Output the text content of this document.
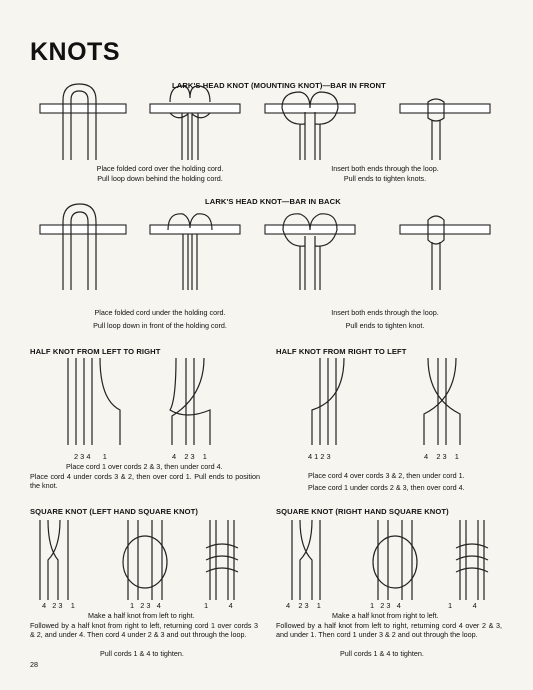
KNOTS
LARK'S HEAD KNOT (MOUNTING KNOT)—BAR IN FRONT
Place folded cord over the holding cord.
Pull loop down behind the holding cord.
Insert both ends through the loop.
Pull ends to tighten knots.
LARK'S HEAD KNOT—BAR IN BACK
Place folded cord under the holding cord.
Pull loop down in front of the holding cord.
Insert both ends through the loop.
Pull ends to tighten knot.
HALF KNOT FROM LEFT TO RIGHT
2 3 4      1	4    2 3    1
Place cord 1 over cords 2 & 3, then under cord 4.
Place cord 4 under cords 3 & 2, then over cord 1. Pull ends to position the knot.
HALF KNOT FROM RIGHT TO LEFT
4 1 2 3	4    2 3    1
Place cord 4 over cords 3 & 2, then under cord 1.
Place cord 1 under cords 2 & 3, then over cord 4.
SQUARE KNOT (LEFT HAND SQUARE KNOT)
4   2 3    1	1   2 3   4	1          4
Make a half knot from left to right.
Followed by a half knot from right to left, returning cord 1 over cords 3 & 2, and under 4. Then cord 4 under 2 & 3 and out through the loop.
Pull cords 1 & 4 to tighten.
SQUARE KNOT (RIGHT HAND SQUARE KNOT)
4    2 3    1	1   2 3   4	1          4
Make a half knot from right to left.
Followed by a half knot from left to right, returning cord 4 over 2 & 3, and under 1. Then cord 1 under 3 & 2 and out through the loop.
Pull cords 1 & 4 to tighten.
28
